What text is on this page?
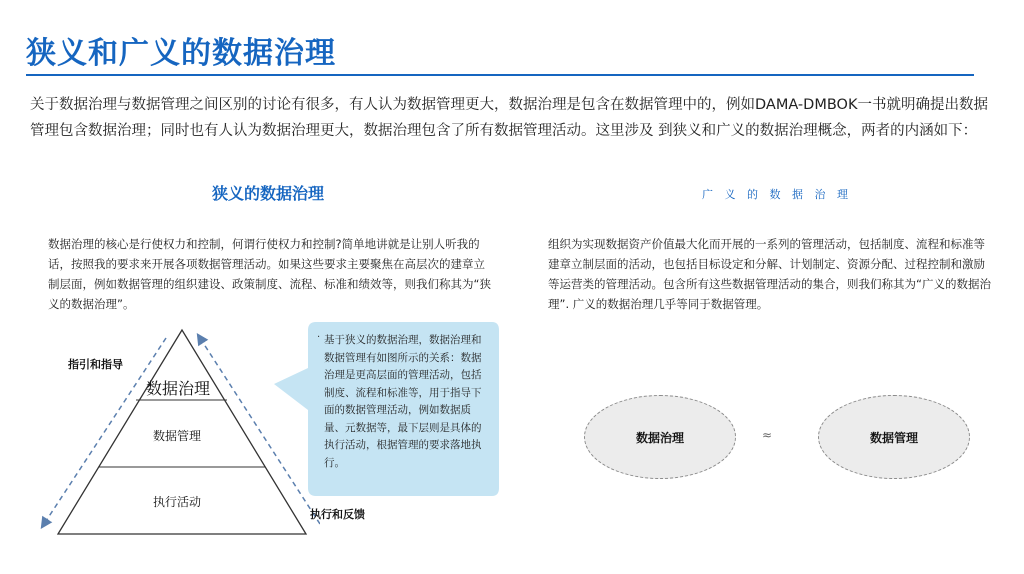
狭义和广义的数据治理

关于数据治理与数据管理之间区别的讨论有很多，有人认为数据管理更大，数据治理是包含在数据管理中的，例如DAMA-DMBOK一书就明确提出数据管理包含数据治理；同时也有人认为数据治理更大，数据治理包含了所有数据管理活动。这里涉及 到狭义和广义的数据治理概念，两者的内涵如下：

狭义的数据治理	广 义 的 数 据 治 理

数据治理的核心是行使权力和控制，何谓行使权力和控制?简单地讲就是让别人听我的话，按照我的要求来开展各项数据管理活动。如果这些要求主要聚焦在高层次的建章立制层面，例如数据管理的组织建设、政策制度、流程、标准和绩效等，则我们称其为“狭义的数据治理”。

组织为实现数据资产价值最大化而开展的一系列的管理活动，包括制度、流程和标准等建章立制层面的活动，也包括目标设定和分解、计划制定、资源分配、过程控制和激励等运营类的管理活动。包含所有这些数据管理活动的集合，则我们称其为“广义的数据治理”. 广义的数据治理几乎等同于数据管理。

数据治理
数据管理
执行活动
指引和指导
执行和反馈
· 基于狭义的数据治理，数据治理和数据管理有如图所示的关系：数据治理是更高层面的管理活动，包括制度、流程和标准等，用于指导下面的数据管理活动，例如数据质量、元数据等，最下层则是具体的执行活动，根据管理的要求落地执行。
数据治理	≈	数据管理
